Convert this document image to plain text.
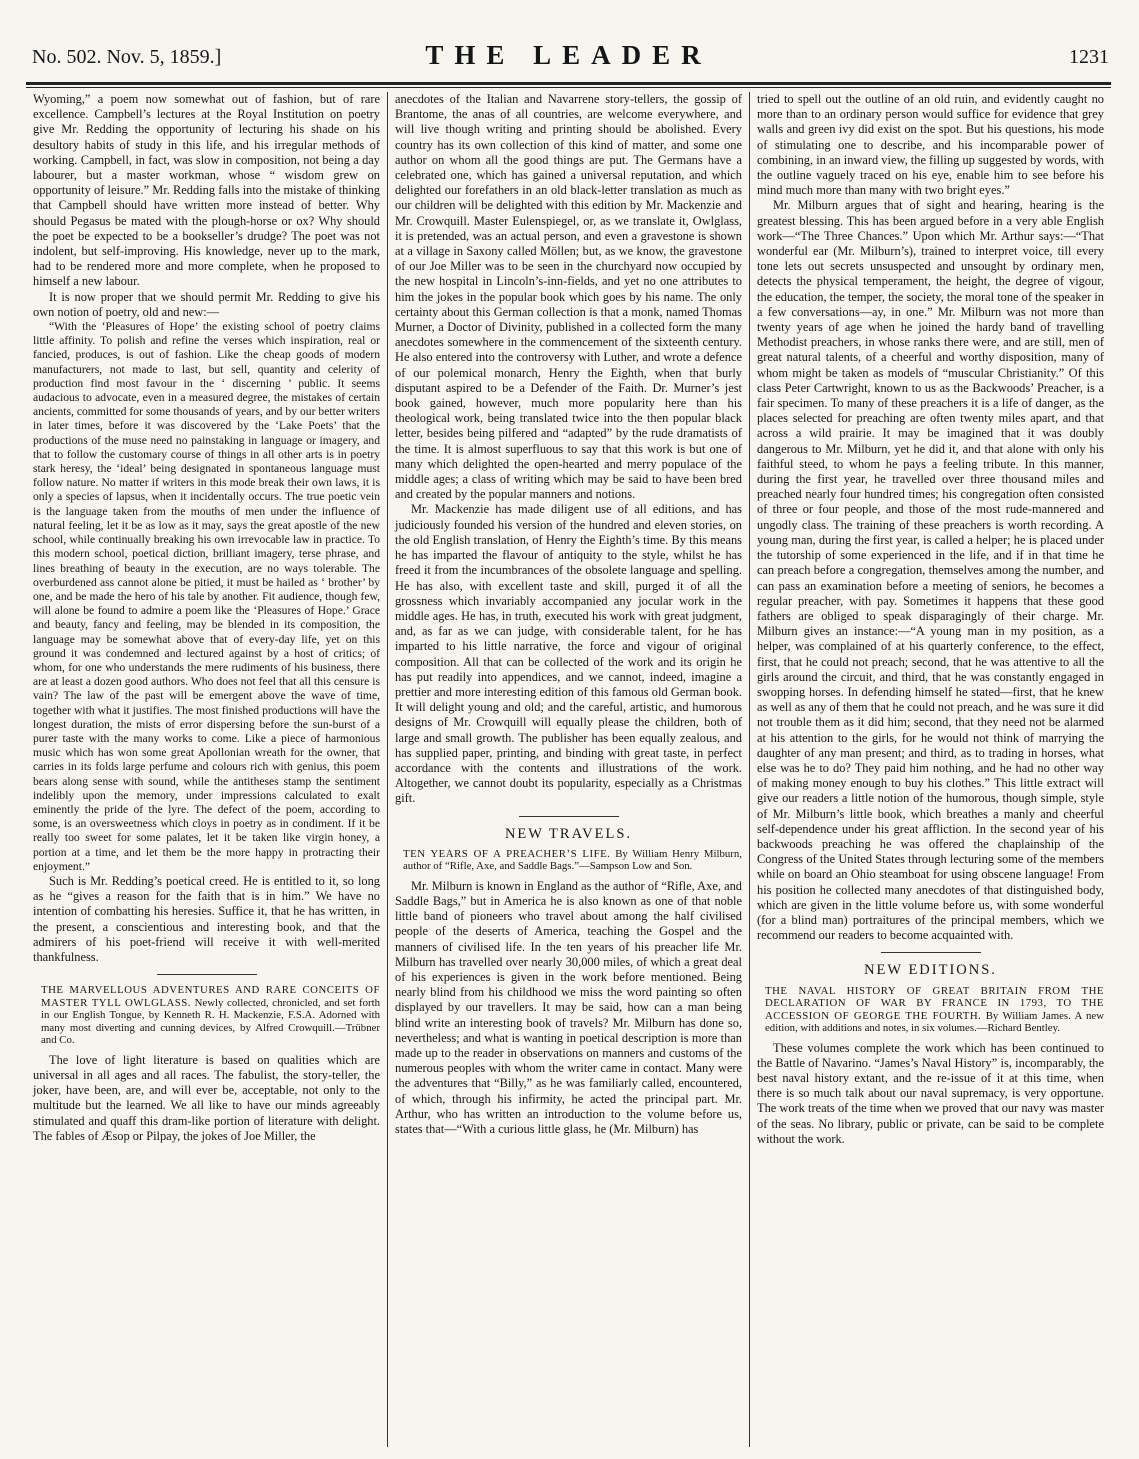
No. 502. Nov. 5, 1859.]	THE LEADER	1231

Wyoming,” a poem now somewhat out of fashion, but of rare excellence. Campbell’s lectures at the Royal Institution on poetry give Mr. Redding the opportunity of lecturing his shade on his desultory habits of study in this life, and his irregular methods of working. Campbell, in fact, was slow in composition, not being a day labourer, but a master workman, whose “ wisdom grew on opportunity of leisure.” Mr. Redding falls into the mistake of thinking that Campbell should have written more instead of better. Why should Pegasus be mated with the plough-horse or ox? Why should the poet be expected to be a bookseller’s drudge? The poet was not indolent, but self-improving. His knowledge, never up to the mark, had to be rendered more and more complete, when he proposed to himself a new labour.

It is now proper that we should permit Mr. Redding to give his own notion of poetry, old and new:—

“With the ‘Pleasures of Hope’ the existing school of poetry claims little affinity. To polish and refine the verses which inspiration, real or fancied, produces, is out of fashion. Like the cheap goods of modern manufacturers, not made to last, but sell, quantity and celerity of production find most favour in the ‘ discerning ’ public. It seems audacious to advocate, even in a measured degree, the mistakes of certain ancients, committed for some thousands of years, and by our better writers in later times, before it was discovered by the ‘Lake Poets’ that the productions of the muse need no painstaking in language or imagery, and that to follow the customary course of things in all other arts is in poetry stark heresy, the ‘ideal’ being designated in spontaneous language must follow nature. No matter if writers in this mode break their own laws, it is only a species of lapsus, when it incidentally occurs. The true poetic vein is the language taken from the mouths of men under the influence of natural feeling, let it be as low as it may, says the great apostle of the new school, while continually breaking his own irrevocable law in practice. To this modern school, poetical diction, brilliant imagery, terse phrase, and lines breathing of beauty in the execution, are no ways tolerable. The overburdened ass cannot alone be pitied, it must be hailed as ‘ brother’ by one, and be made the hero of his tale by another. Fit audience, though few, will alone be found to admire a poem like the ‘Pleasures of Hope.’ Grace and beauty, fancy and feeling, may be blended in its composition, the language may be somewhat above that of every-day life, yet on this ground it was condemned and lectured against by a host of critics; of whom, for one who understands the mere rudiments of his business, there are at least a dozen good authors. Who does not feel that all this censure is vain? The law of the past will be emergent above the wave of time, together with what it justifies. The most finished productions will have the longest duration, the mists of error dispersing before the sun-burst of a purer taste with the many works to come. Like a piece of harmonious music which has won some great Apollonian wreath for the owner, that carries in its folds large perfume and colours rich with genius, this poem bears along sense with sound, while the antitheses stamp the sentiment indelibly upon the memory, under impressions calculated to exalt eminently the pride of the lyre. The defect of the poem, according to some, is an oversweetness which cloys in poetry as in condiment. If it be really too sweet for some palates, let it be taken like virgin honey, a portion at a time, and let them be the more happy in protracting their enjoyment.”

Such is Mr. Redding’s poetical creed. He is entitled to it, so long as he “gives a reason for the faith that is in him.” We have no intention of combatting his heresies. Suffice it, that he has written, in the present, a conscientious and interesting book, and that the admirers of his poet-friend will receive it with well-merited thankfulness.

THE MARVELLOUS ADVENTURES AND RARE CONCEITS OF MASTER TYLL OWLGLASS. Newly collected, chronicled, and set forth in our English Tongue, by Kenneth R. H. Mackenzie, F.S.A. Adorned with many most diverting and cunning devices, by Alfred Crowquill.—Trübner and Co.

The love of light literature is based on qualities which are universal in all ages and all races. The fabulist, the story-teller, the joker, have been, are, and will ever be, acceptable, not only to the multitude but the learned. We all like to have our minds agreeably stimulated and quaff this dram-like portion of literature with delight. The fables of Æsop or Pilpay, the jokes of Joe Miller, the

anecdotes of the Italian and Navarrene story-tellers, the gossip of Brantome, the anas of all countries, are welcome everywhere, and will live though writing and printing should be abolished. Every country has its own collection of this kind of matter, and some one author on whom all the good things are put. The Germans have a celebrated one, which has gained a universal reputation, and which delighted our forefathers in an old black-letter translation as much as our children will be delighted with this edition by Mr. Mackenzie and Mr. Crowquill. Master Eulenspiegel, or, as we translate it, Owlglass, it is pretended, was an actual person, and even a gravestone is shown at a village in Saxony called Möllen; but, as we know, the gravestone of our Joe Miller was to be seen in the churchyard now occupied by the new hospital in Lincoln’s-inn-fields, and yet no one attributes to him the jokes in the popular book which goes by his name. The only certainty about this German collection is that a monk, named Thomas Murner, a Doctor of Divinity, published in a collected form the many anecdotes somewhere in the commencement of the sixteenth century. He also entered into the controversy with Luther, and wrote a defence of our polemical monarch, Henry the Eighth, when that burly disputant aspired to be a Defender of the Faith. Dr. Murner’s jest book gained, however, much more popularity here than his theological work, being translated twice into the then popular black letter, besides being pilfered and “adapted” by the rude dramatists of the time. It is almost superfluous to say that this work is but one of many which delighted the open-hearted and merry populace of the middle ages; a class of writing which may be said to have been bred and created by the popular manners and notions.

Mr. Mackenzie has made diligent use of all editions, and has judiciously founded his version of the hundred and eleven stories, on the old English translation, of Henry the Eighth’s time. By this means he has imparted the flavour of antiquity to the style, whilst he has freed it from the incumbrances of the obsolete language and spelling. He has also, with excellent taste and skill, purged it of all the grossness which invariably accompanied any jocular work in the middle ages. He has, in truth, executed his work with great judgment, and, as far as we can judge, with considerable talent, for he has imparted to his little narrative, the force and vigour of original composition. All that can be collected of the work and its origin he has put readily into appendices, and we cannot, indeed, imagine a prettier and more interesting edition of this famous old German book. It will delight young and old; and the careful, artistic, and humorous designs of Mr. Crowquill will equally please the children, both of large and small growth. The publisher has been equally zealous, and has supplied paper, printing, and binding with great taste, in perfect accordance with the contents and illustrations of the work. Altogether, we cannot doubt its popularity, especially as a Christmas gift.

NEW TRAVELS.

TEN YEARS OF A PREACHER’S LIFE. By William Henry Milburn, author of “Rifle, Axe, and Saddle Bags.”—Sampson Low and Son.

Mr. Milburn is known in England as the author of “Rifle, Axe, and Saddle Bags,” but in America he is also known as one of that noble little band of pioneers who travel about among the half civilised people of the deserts of America, teaching the Gospel and the manners of civilised life. In the ten years of his preacher life Mr. Milburn has travelled over nearly 30,000 miles, of which a great deal of his experiences is given in the work before mentioned. Being nearly blind from his childhood we miss the word painting so often displayed by our travellers. It may be said, how can a man being blind write an interesting book of travels? Mr. Milburn has done so, nevertheless; and what is wanting in poetical description is more than made up to the reader in observations on manners and customs of the numerous peoples with whom the writer came in contact. Many were the adventures that “Billy,” as he was familiarly called, encountered, of which, through his infirmity, he acted the principal part. Mr. Arthur, who has written an introduction to the volume before us, states that—“With a curious little glass, he (Mr. Milburn) has

tried to spell out the outline of an old ruin, and evidently caught no more than to an ordinary person would suffice for evidence that grey walls and green ivy did exist on the spot. But his questions, his mode of stimulating one to describe, and his incomparable power of combining, in an inward view, the filling up suggested by words, with the outline vaguely traced on his eye, enable him to see before his mind much more than many with two bright eyes.”

Mr. Milburn argues that of sight and hearing, hearing is the greatest blessing. This has been argued before in a very able English work—“The Three Chances.” Upon which Mr. Arthur says:—“That wonderful ear (Mr. Milburn’s), trained to interpret voice, till every tone lets out secrets unsuspected and unsought by ordinary men, detects the physical temperament, the height, the degree of vigour, the education, the temper, the society, the moral tone of the speaker in a few conversations—ay, in one.” Mr. Milburn was not more than twenty years of age when he joined the hardy band of travelling Methodist preachers, in whose ranks there were, and are still, men of great natural talents, of a cheerful and worthy disposition, many of whom might be taken as models of “muscular Christianity.” Of this class Peter Cartwright, known to us as the Backwoods’ Preacher, is a fair specimen. To many of these preachers it is a life of danger, as the places selected for preaching are often twenty miles apart, and that across a wild prairie. It may be imagined that it was doubly dangerous to Mr. Milburn, yet he did it, and that alone with only his faithful steed, to whom he pays a feeling tribute. In this manner, during the first year, he travelled over three thousand miles and preached nearly four hundred times; his congregation often consisted of three or four people, and those of the most rude-mannered and ungodly class. The training of these preachers is worth recording. A young man, during the first year, is called a helper; he is placed under the tutorship of some experienced in the life, and if in that time he can preach before a congregation, themselves among the number, and can pass an examination before a meeting of seniors, he becomes a regular preacher, with pay. Sometimes it happens that these good fathers are obliged to speak disparagingly of their charge. Mr. Milburn gives an instance:—“A young man in my position, as a helper, was complained of at his quarterly conference, to the effect, first, that he could not preach; second, that he was attentive to all the girls around the circuit, and third, that he was constantly engaged in swopping horses. In defending himself he stated—first, that he knew as well as any of them that he could not preach, and he was sure it did not trouble them as it did him; second, that they need not be alarmed at his attention to the girls, for he would not think of marrying the daughter of any man present; and third, as to trading in horses, what else was he to do? They paid him nothing, and he had no other way of making money enough to buy his clothes.” This little extract will give our readers a little notion of the humorous, though simple, style of Mr. Milburn’s little book, which breathes a manly and cheerful self-dependence under his great affliction. In the second year of his backwoods preaching he was offered the chaplainship of the Congress of the United States through lecturing some of the members while on board an Ohio steamboat for using obscene language! From his position he collected many anecdotes of that distinguished body, which are given in the little volume before us, with some wonderful (for a blind man) portraitures of the principal members, which we recommend our readers to become acquainted with.

NEW EDITIONS.

THE NAVAL HISTORY OF GREAT BRITAIN FROM THE DECLARATION OF WAR BY FRANCE IN 1793, TO THE ACCESSION OF GEORGE THE FOURTH. By William James. A new edition, with additions and notes, in six volumes.—Richard Bentley.

These volumes complete the work which has been continued to the Battle of Navarino. “James’s Naval History” is, incomparably, the best naval history extant, and the re-issue of it at this time, when there is so much talk about our naval supremacy, is very opportune. The work treats of the time when we proved that our navy was master of the seas. No library, public or private, can be said to be complete without the work.
